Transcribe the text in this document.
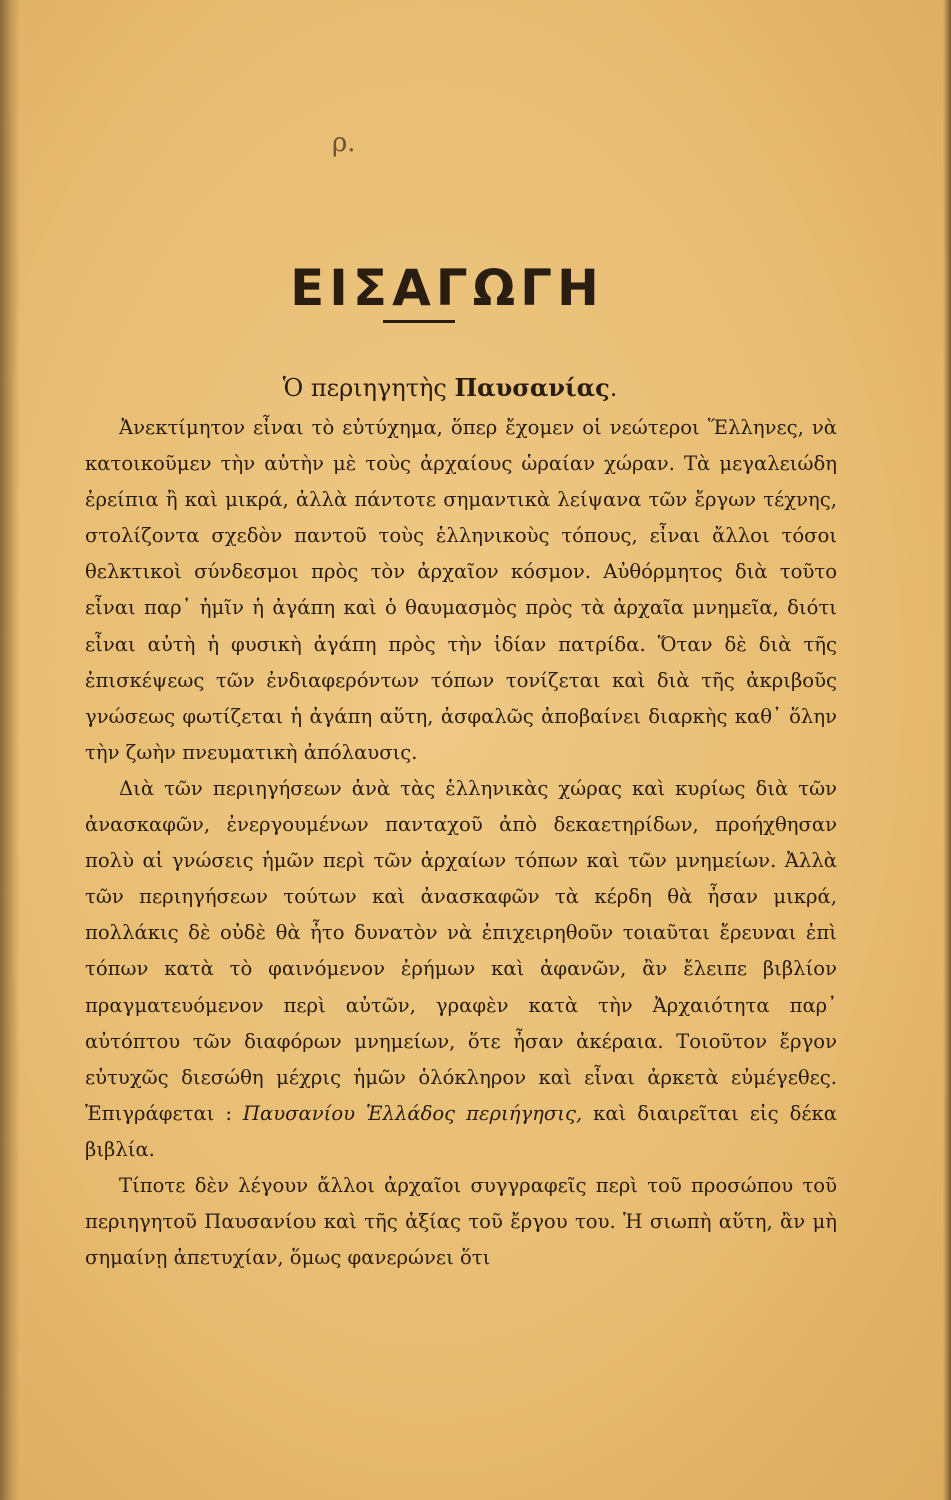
ρ.
ΕΙΣΑΓΩΓΗ
Ὁ περιηγητὴς Παυσανίας.

Ἀνεκτίμητον εἶναι τὸ εὐτύχημα, ὅπερ ἔχομεν οἱ νεώτεροι Ἕλληνες, νὰ κατοικοῦμεν τὴν αὐτὴν μὲ τοὺς ἀρχαίους ὡραίαν χώραν. Τὰ μεγαλειώδη ἐρείπια ἢ καὶ μικρά, ἀλλὰ πάντοτε σημαντικὰ λείψανα τῶν ἔργων τέχνης, στολίζοντα σχεδὸν παντοῦ τοὺς ἑλληνικοὺς τόπους, εἶναι ἄλλοι τόσοι θελκτικοὶ σύνδεσμοι πρὸς τὸν ἀρχαῖον κόσμον. Αὐθόρμητος διὰ τοῦτο εἶναι παρ᾽ ἡμῖν ἡ ἀγάπη καὶ ὁ θαυμασμὸς πρὸς τὰ ἀρχαῖα μνημεῖα, διότι εἶναι αὐτὴ ἡ φυσικὴ ἀγάπη πρὸς τὴν ἰδίαν πατρίδα. Ὅταν δὲ διὰ τῆς ἐπισκέψεως τῶν ἐνδιαφερόντων τόπων τονίζεται καὶ διὰ τῆς ἀκριβοῦς γνώσεως φωτίζεται ἡ ἀγάπη αὕτη, ἀσφαλῶς ἀποβαίνει διαρκὴς καθ᾽ ὅλην τὴν ζωὴν πνευματικὴ ἀπόλαυσις.

Διὰ τῶν περιηγήσεων ἀνὰ τὰς ἑλληνικὰς χώρας καὶ κυρίως διὰ τῶν ἀνασκαφῶν, ἐνεργουμένων πανταχοῦ ἀπὸ δεκαετηρίδων, προήχθησαν πολὺ αἱ γνώσεις ἡμῶν περὶ τῶν ἀρχαίων τόπων καὶ τῶν μνημείων. Ἀλλὰ τῶν περιηγήσεων τούτων καὶ ἀνασκαφῶν τὰ κέρδη θὰ ἦσαν μικρά, πολλάκις δὲ οὐδὲ θὰ ἦτο δυνατὸν νὰ ἐπιχειρηθοῦν τοιαῦται ἔρευναι ἐπὶ τόπων κατὰ τὸ φαινόμενον ἐρήμων καὶ ἀφανῶν, ἂν ἔλειπε βιβλίον πραγματευόμενον περὶ αὐτῶν, γραφὲν κατὰ τὴν Ἀρχαιότητα παρ᾽ αὐτόπτου τῶν διαφόρων μνημείων, ὅτε ἦσαν ἀκέραια. Τοιοῦτον ἔργον εὐτυχῶς διεσώθη μέχρις ἡμῶν ὁλόκληρον καὶ εἶναι ἀρκετὰ εὐμέγεθες. Ἐπιγράφεται : Παυσανίου Ἑλλάδος περιήγησις, καὶ διαιρεῖται εἰς δέκα βιβλία.

Τίποτε δὲν λέγουν ἄλλοι ἀρχαῖοι συγγραφεῖς περὶ τοῦ προσώπου τοῦ περιηγητοῦ Παυσανίου καὶ τῆς ἀξίας τοῦ ἔργου του. Ἡ σιωπὴ αὕτη, ἂν μὴ σημαίνῃ ἀπετυχίαν, ὅμως φανερώνει ὅτι
